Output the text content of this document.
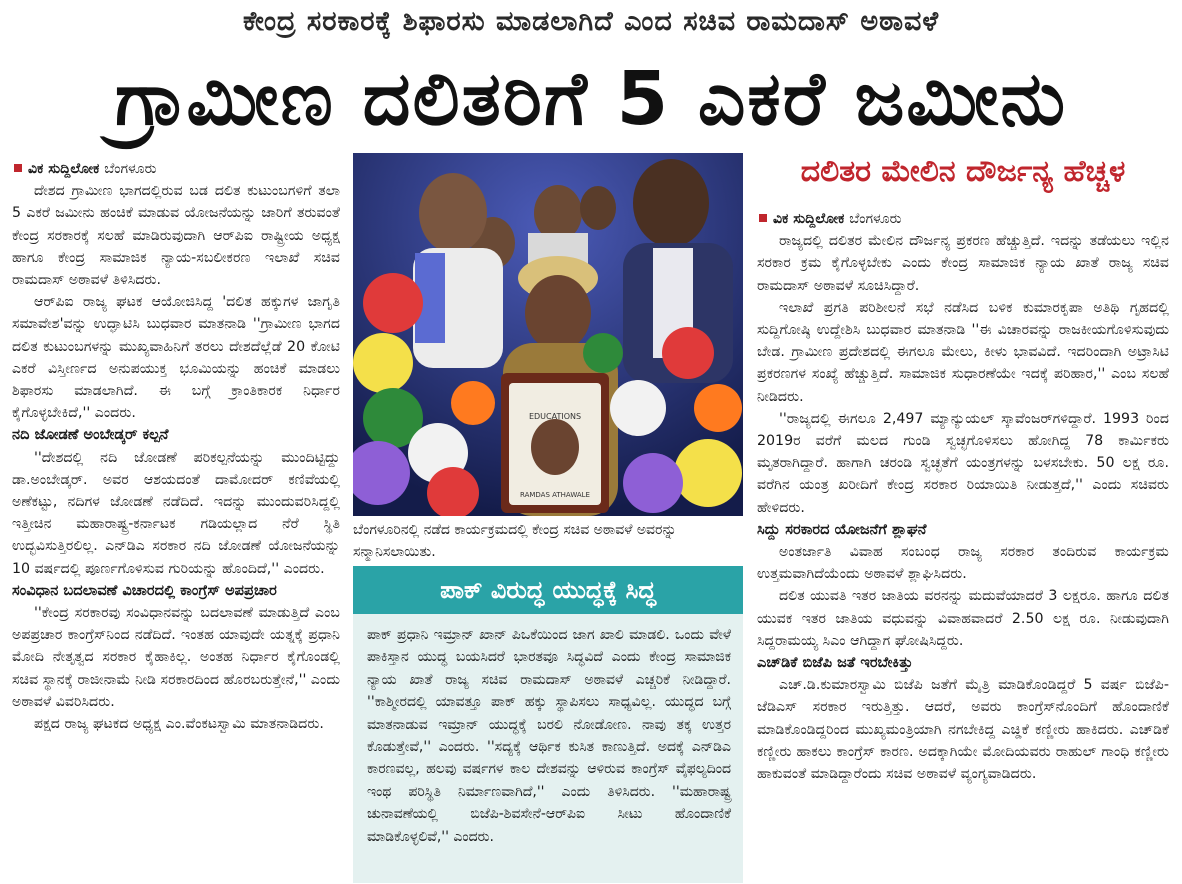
ಕೇಂದ್ರ ಸರಕಾರಕ್ಕೆ ಶಿಫಾರಸು ಮಾಡಲಾಗಿದೆ ಎಂದ ಸಚಿವ ರಾಮದಾಸ್ ಅಠಾವಳೆ
ಗ್ರಾಮೀಣ ದಲಿತರಿಗೆ 5 ಎಕರೆ ಜಮೀನು

ವಿಕ ಸುದ್ದಿಲೋಕ ಬೆಂಗಳೂರು

ದೇಶದ ಗ್ರಾಮೀಣ ಭಾಗದಲ್ಲಿರುವ ಬಡ ದಲಿತ ಕುಟುಂಬಗಳಿಗೆ ತಲಾ 5 ಎಕರೆ ಜಮೀನು ಹಂಚಿಕೆ ಮಾಡುವ ಯೋಜನೆಯನ್ನು ಜಾರಿಗೆ ತರುವಂತೆ ಕೇಂದ್ರ ಸರಕಾರಕ್ಕೆ ಸಲಹೆ ಮಾಡಿರುವುದಾಗಿ ಆರ್‌ಪಿಐ ರಾಷ್ಟ್ರೀಯ ಅಧ್ಯಕ್ಷ ಹಾಗೂ ಕೇಂದ್ರ ಸಾಮಾಜಿಕ ನ್ಯಾಯ-ಸಬಲೀಕರಣ ಇಲಾಖೆ ಸಚಿವ ರಾಮದಾಸ್ ಅಠಾವಳೆ ತಿಳಿಸಿದರು.

ಆರ್‌ಪಿಐ ರಾಜ್ಯ ಘಟಕ ಆಯೋಜಿಸಿದ್ದ 'ದಲಿತ ಹಕ್ಕುಗಳ ಜಾಗೃತಿ ಸಮಾವೇಶ'ವನ್ನು ಉದ್ಘಾಟಿಸಿ ಬುಧವಾರ ಮಾತನಾಡಿ ''ಗ್ರಾಮೀಣ ಭಾಗದ ದಲಿತ ಕುಟುಂಬಗಳನ್ನು ಮುಖ್ಯವಾಹಿನಿಗೆ ತರಲು ದೇಶದೆಲ್ಲೆಡೆ 20 ಕೋಟಿ ಎಕರೆ ವಿಸ್ತೀರ್ಣದ ಅನುಪಯುಕ್ತ ಭೂಮಿಯನ್ನು ಹಂಚಿಕೆ ಮಾಡಲು ಶಿಫಾರಸು ಮಾಡಲಾಗಿದೆ. ಈ ಬಗ್ಗೆ ಕ್ರಾಂತಿಕಾರಕ ನಿರ್ಧಾರ ಕೈಗೊಳ್ಳಬೇಕಿದೆ,'' ಎಂದರು.

ನದಿ ಜೋಡಣೆ ಅಂಬೇಡ್ಕರ್ ಕಲ್ಪನೆ

''ದೇಶದಲ್ಲಿ ನದಿ ಜೋಡಣೆ ಪರಿಕಲ್ಪನೆಯನ್ನು ಮುಂದಿಟ್ಟಿದ್ದು ಡಾ.ಅಂಬೇಡ್ಕರ್. ಅವರ ಆಶಯದಂತೆ ದಾಮೋದರ್ ಕಣಿವೆಯಲ್ಲಿ ಅಣೆಕಟ್ಟು, ನದಿಗಳ ಜೋಡಣೆ ನಡೆದಿದೆ. ಇದನ್ನು ಮುಂದುವರಿಸಿದ್ದಲ್ಲಿ ಇತ್ತೀಚಿನ ಮಹಾರಾಷ್ಟ್ರ-ಕರ್ನಾಟಕ ಗಡಿಯಲ್ಲಾದ ನೆರೆ ಸ್ಥಿತಿ ಉದ್ಭವಿಸುತ್ತಿರಲಿಲ್ಲ. ಎನ್‌ಡಿಎ ಸರಕಾರ ನದಿ ಜೋಡಣೆ ಯೋಜನೆಯನ್ನು 10 ವರ್ಷದಲ್ಲಿ ಪೂರ್ಣಗೊಳಿಸುವ ಗುರಿಯನ್ನು ಹೊಂದಿದೆ,'' ಎಂದರು.

ಸಂವಿಧಾನ ಬದಲಾವಣೆ ವಿಚಾರದಲ್ಲಿ ಕಾಂಗ್ರೆಸ್ ಅಪಪ್ರಚಾರ

''ಕೇಂದ್ರ ಸರಕಾರವು ಸಂವಿಧಾನವನ್ನು ಬದಲಾವಣೆ ಮಾಡುತ್ತಿದೆ ಎಂಬ ಅಪಪ್ರಚಾರ ಕಾಂಗ್ರೆಸ್‌ನಿಂದ ನಡೆದಿದೆ. ಇಂತಹ ಯಾವುದೇ ಯತ್ನಕ್ಕೆ ಪ್ರಧಾನಿ ಮೋದಿ ನೇತೃತ್ವದ ಸರಕಾರ ಕೈಹಾಕಿಲ್ಲ. ಅಂತಹ ನಿರ್ಧಾರ ಕೈಗೊಂಡಲ್ಲಿ ಸಚಿವ ಸ್ಥಾನಕ್ಕೆ ರಾಜೀನಾಮೆ ನೀಡಿ ಸರಕಾರದಿಂದ ಹೊರಬರುತ್ತೇನೆ,'' ಎಂದು ಅಠಾವಳೆ ವಿವರಿಸಿದರು.

ಪಕ್ಷದ ರಾಜ್ಯ ಘಟಕದ ಅಧ್ಯಕ್ಷ ಎಂ.ವೆಂಕಟಸ್ವಾಮಿ ಮಾತನಾಡಿದರು.

EDUCATIONS
RAMDAS ATHAWALE
ಬೆಂಗಳೂರಿನಲ್ಲಿ ನಡೆದ ಕಾರ್ಯಕ್ರಮದಲ್ಲಿ ಕೇಂದ್ರ ಸಚಿವ ಅಠಾವಳೆ ಅವರನ್ನು ಸನ್ಮಾನಿಸಲಾಯಿತು.
ಪಾಕ್ ವಿರುದ್ಧ ಯುದ್ಧಕ್ಕೆ ಸಿದ್ಧ

ಪಾಕ್ ಪ್ರಧಾನಿ ಇಮ್ರಾನ್ ಖಾನ್ ಪಿಒಕೆಯಿಂದ ಜಾಗ ಖಾಲಿ ಮಾಡಲಿ. ಒಂದು ವೇಳೆ ಪಾಕಿಸ್ತಾನ ಯುದ್ಧ ಬಯಸಿದರೆ ಭಾರತವೂ ಸಿದ್ಧವಿದೆ ಎಂದು ಕೇಂದ್ರ ಸಾಮಾಜಿಕ ನ್ಯಾಯ ಖಾತೆ ರಾಜ್ಯ ಸಚಿವ ರಾಮದಾಸ್ ಅಠಾವಳೆ ಎಚ್ಚರಿಕೆ ನೀಡಿದ್ದಾರೆ. ''ಕಾಶ್ಮೀರದಲ್ಲಿ ಯಾವತ್ತೂ ಪಾಕ್ ಹಕ್ಕು ಸ್ಥಾಪಿಸಲು ಸಾಧ್ಯವಿಲ್ಲ. ಯುದ್ಧದ ಬಗ್ಗೆ ಮಾತನಾಡುವ ಇಮ್ರಾನ್ ಯುದ್ಧಕ್ಕೆ ಬರಲಿ ನೋಡೋಣ. ನಾವು ತಕ್ಕ ಉತ್ತರ ಕೊಡುತ್ತೇವೆ,'' ಎಂದರು. ''ಸದ್ಯಕ್ಕೆ ಆರ್ಥಿಕ ಕುಸಿತ ಕಾಣುತ್ತಿದೆ. ಅದಕ್ಕೆ ಎನ್‌ಡಿಎ ಕಾರಣವಲ್ಲ, ಹಲವು ವರ್ಷಗಳ ಕಾಲ ದೇಶವನ್ನು ಆಳಿರುವ ಕಾಂಗ್ರೆಸ್ ವೈಫಲ್ಯದಿಂದ ಇಂಥ ಪರಿಸ್ಥಿತಿ ನಿರ್ಮಾಣವಾಗಿದೆ,'' ಎಂದು ತಿಳಿಸಿದರು. ''ಮಹಾರಾಷ್ಟ್ರ ಚುನಾವಣೆಯಲ್ಲಿ ಬಿಜೆಪಿ-ಶಿವಸೇನೆ-ಆರ್‌ಪಿಐ ಸೀಟು ಹೊಂದಾಣಿಕೆ ಮಾಡಿಕೊಳ್ಳಲಿವೆ,'' ಎಂದರು.

ದಲಿತರ ಮೇಲಿನ ದೌರ್ಜನ್ಯ ಹೆಚ್ಚಳ

ವಿಕ ಸುದ್ದಿಲೋಕ ಬೆಂಗಳೂರು

ರಾಜ್ಯದಲ್ಲಿ ದಲಿತರ ಮೇಲಿನ ದೌರ್ಜನ್ಯ ಪ್ರಕರಣ ಹೆಚ್ಚುತ್ತಿದೆ. ಇದನ್ನು ತಡೆಯಲು ಇಲ್ಲಿನ ಸರಕಾರ ಕ್ರಮ ಕೈಗೊಳ್ಳಬೇಕು ಎಂದು ಕೇಂದ್ರ ಸಾಮಾಜಿಕ ನ್ಯಾಯ ಖಾತೆ ರಾಜ್ಯ ಸಚಿವ ರಾಮದಾಸ್ ಅಠಾವಳೆ ಸೂಚಿಸಿದ್ದಾರೆ.

ಇಲಾಖೆ ಪ್ರಗತಿ ಪರಿಶೀಲನೆ ಸಭೆ ನಡೆಸಿದ ಬಳಿಕ ಕುಮಾರಕೃಪಾ ಅತಿಥಿ ಗೃಹದಲ್ಲಿ ಸುದ್ದಿಗೋಷ್ಠಿ ಉದ್ದೇಶಿಸಿ ಬುಧವಾರ ಮಾತನಾಡಿ ''ಈ ವಿಚಾರವನ್ನು ರಾಜಕೀಯಗೊಳಿಸುವುದು ಬೇಡ. ಗ್ರಾಮೀಣ ಪ್ರದೇಶದಲ್ಲಿ ಈಗಲೂ ಮೇಲು, ಕೀಳು ಭಾವವಿದೆ. ಇದರಿಂದಾಗಿ ಅಟ್ರಾಸಿಟಿ ಪ್ರಕರಣಗಳ ಸಂಖ್ಯೆ ಹೆಚ್ಚುತ್ತಿದೆ. ಸಾಮಾಜಿಕ ಸುಧಾರಣೆಯೇ ಇದಕ್ಕೆ ಪರಿಹಾರ,'' ಎಂಬ ಸಲಹೆ ನೀಡಿದರು.

''ರಾಜ್ಯದಲ್ಲಿ ಈಗಲೂ 2,497 ಮ್ಯಾನ್ಯುಯಲ್ ಸ್ಕಾವೆಂಜರ್‌ಗಳಿದ್ದಾರೆ. 1993 ರಿಂದ 2019ರ ವರೆಗೆ ಮಲದ ಗುಂಡಿ ಸ್ವಚ್ಛಗೊಳಿಸಲು ಹೋಗಿದ್ದ 78 ಕಾರ್ಮಿಕರು ಮೃತರಾಗಿದ್ದಾರೆ. ಹಾಗಾಗಿ ಚರಂಡಿ ಸ್ವಚ್ಛತೆಗೆ ಯಂತ್ರಗಳನ್ನು ಬಳಸಬೇಕು. 50 ಲಕ್ಷ ರೂ. ವರೆಗಿನ ಯಂತ್ರ ಖರೀದಿಗೆ ಕೇಂದ್ರ ಸರಕಾರ ರಿಯಾಯಿತಿ ನೀಡುತ್ತದೆ,'' ಎಂದು ಸಚಿವರು ಹೇಳಿದರು.

ಸಿದ್ದು ಸರಕಾರದ ಯೋಜನೆಗೆ ಶ್ಲಾಘನೆ

ಅಂತರ್ಜಾತಿ ವಿವಾಹ ಸಂಬಂಧ ರಾಜ್ಯ ಸರಕಾರ ತಂದಿರುವ ಕಾರ್ಯಕ್ರಮ ಉತ್ತಮವಾಗಿದೆಯೆಂದು ಅಠಾವಳೆ ಶ್ಲಾಘಿಸಿದರು.

ದಲಿತ ಯುವತಿ ಇತರ ಜಾತಿಯ ವರನನ್ನು ಮದುವೆಯಾದರೆ 3 ಲಕ್ಷರೂ. ಹಾಗೂ ದಲಿತ ಯುವಕ ಇತರ ಜಾತಿಯ ವಧುವನ್ನು ವಿವಾಹವಾದರೆ 2.50 ಲಕ್ಷ ರೂ. ನೀಡುವುದಾಗಿ ಸಿದ್ದರಾಮಯ್ಯ ಸಿಎಂ ಆಗಿದ್ದಾಗ ಘೋಷಿಸಿದ್ದರು.

ಎಚ್‌ಡಿಕೆ ಬಿಜೆಪಿ ಜತೆ ಇರಬೇಕಿತ್ತು

ಎಚ್.ಡಿ.ಕುಮಾರಸ್ವಾಮಿ ಬಿಜೆಪಿ ಜತೆಗೆ ಮೈತ್ರಿ ಮಾಡಿಕೊಂಡಿದ್ದರೆ 5 ವರ್ಷ ಬಿಜೆಪಿ-ಜೆಡಿಎಸ್ ಸರಕಾರ ಇರುತ್ತಿತ್ತು. ಆದರೆ, ಅವರು ಕಾಂಗ್ರೆಸ್‌ನೊಂದಿಗೆ ಹೊಂದಾಣಿಕೆ ಮಾಡಿಕೊಂಡಿದ್ದರಿಂದ ಮುಖ್ಯಮಂತ್ರಿಯಾಗಿ ನಗಬೇಕಿದ್ದ ಎಚ್ಡಿಕೆ ಕಣ್ಣೀರು ಹಾಕಿದರು. ಎಚ್‌ಡಿಕೆ ಕಣ್ಣೀರು ಹಾಕಲು ಕಾಂಗ್ರೆಸ್ ಕಾರಣ. ಅದಕ್ಕಾಗಿಯೇ ಮೋದಿಯವರು ರಾಹುಲ್ ಗಾಂಧಿ ಕಣ್ಣೀರು ಹಾಕುವಂತೆ ಮಾಡಿದ್ದಾರೆಂದು ಸಚಿವ ಅಠಾವಳೆ ವ್ಯಂಗ್ಯವಾಡಿದರು.
